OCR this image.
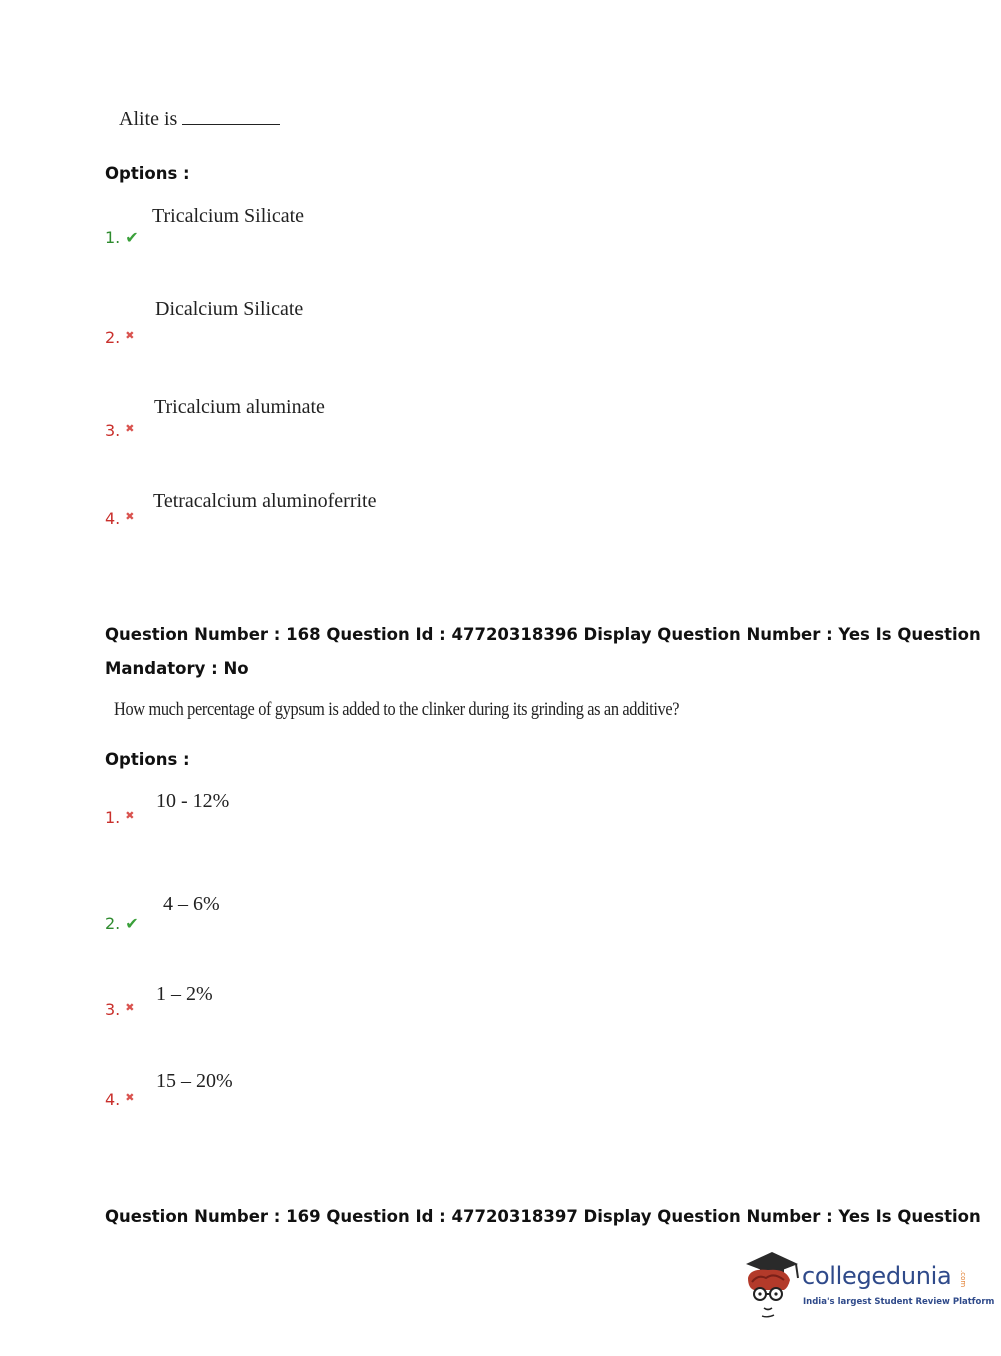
Alite is
Options :
Tricalcium Silicate
1. ✔
Dicalcium Silicate
2. ✖
Tricalcium aluminate
3. ✖
Tetracalcium aluminoferrite
4. ✖
Question Number : 168 Question Id : 47720318396 Display Question Number : Yes Is Question
Mandatory : No
How much percentage of gypsum is added to the clinker during its grinding as an additive?
Options :
10 - 12%
1. ✖
4 – 6%
2. ✔
1 – 2%
3. ✖
15 – 20%
4. ✖
Question Number : 169 Question Id : 47720318397 Display Question Number : Yes Is Question
collegedunia .com
India's largest Student Review Platform
